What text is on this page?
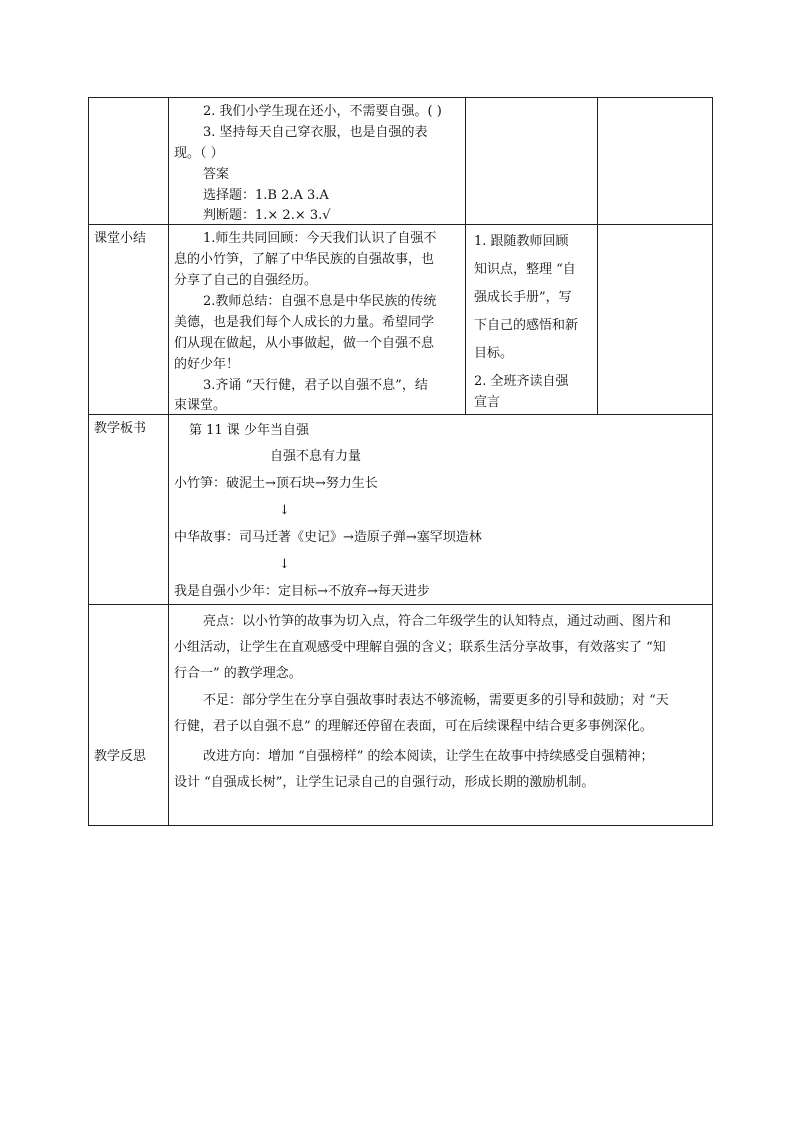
2. 我们小学生现在还小，不需要自强。( )
3. 坚持每天自己穿衣服，也是自强的表
现。（ ）
答案
选择题：1.B 2.A 3.A
判断题：1.× 2.× 3.√
课堂小结	1.师生共同回顾：今天我们认识了自强不
息的小竹笋，了解了中华民族的自强故事，也
分享了自己的自强经历。
2.教师总结：自强不息是中华民族的传统
美德，也是我们每个人成长的力量。希望同学
们从现在做起，从小事做起，做一个自强不息
的好少年！
3.齐诵 “天行健，君子以自强不息”，结
束课堂。
1. 跟随教师回顾
知识点，整理 “自
强成长手册”，写
下自己的感悟和新
目标。
2. 全班齐读自强
宣言
教学板书	第 11 课 少年当自强
自强不息有力量
小竹笋：破泥土→顶石块→努力生长
↓
中华故事：司马迁著《史记》→造原子弹→塞罕坝造林
↓
我是自强小少年：定目标→不放弃→每天进步
教学反思
亮点：以小竹笋的故事为切入点，符合二年级学生的认知特点，通过动画、图片和
小组活动，让学生在直观感受中理解自强的含义；联系生活分享故事，有效落实了 “知
行合一” 的教学理念。
不足：部分学生在分享自强故事时表达不够流畅，需要更多的引导和鼓励；对 “天
行健，君子以自强不息” 的理解还停留在表面，可在后续课程中结合更多事例深化。
改进方向：增加 “自强榜样” 的绘本阅读，让学生在故事中持续感受自强精神；
设计 “自强成长树”，让学生记录自己的自强行动，形成长期的激励机制。
